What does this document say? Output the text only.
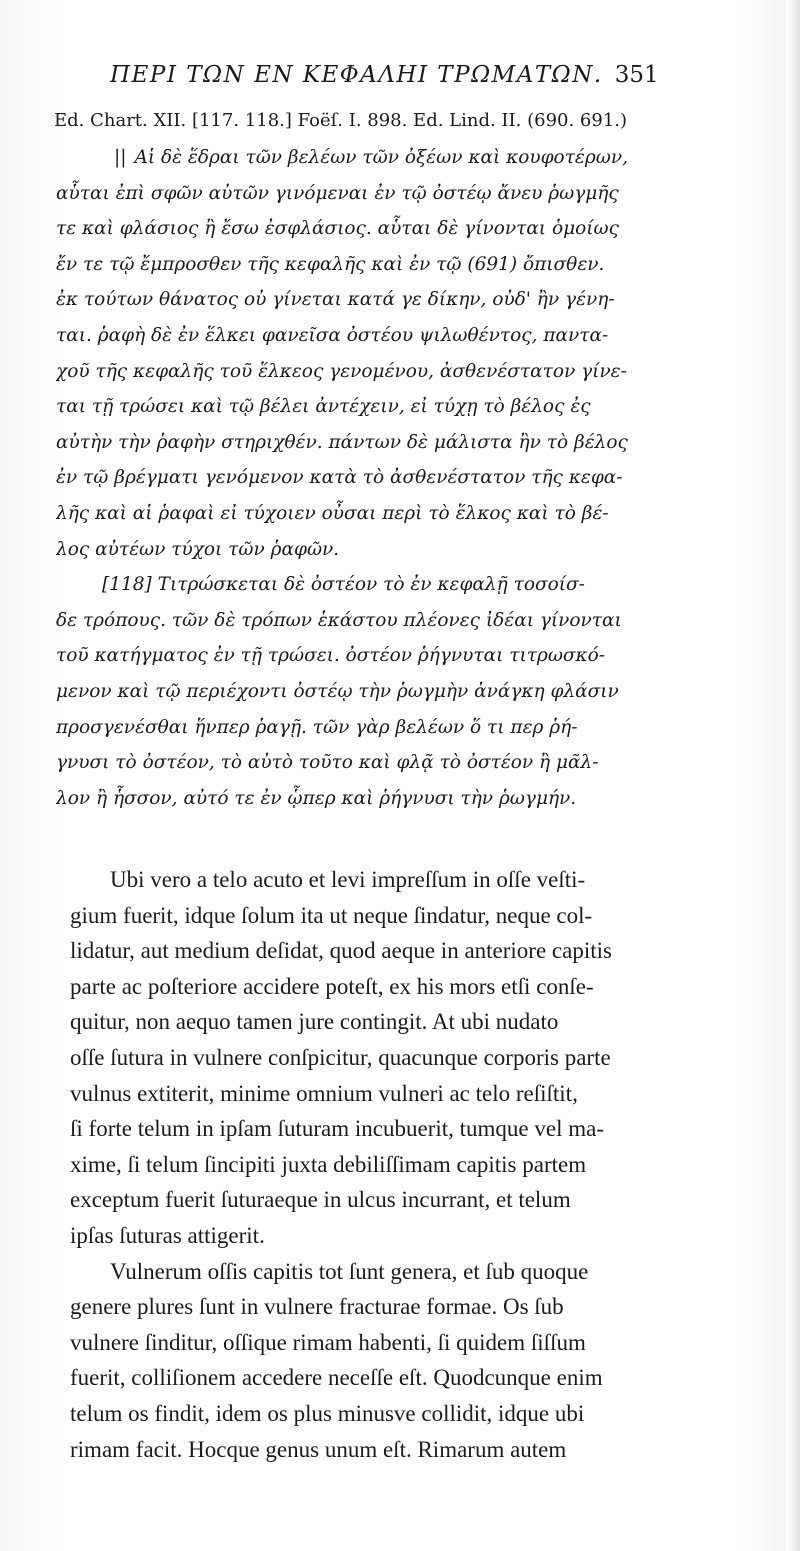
ΠΕΡΙ ΤΩΝ ΕΝ ΚΕΦΑΛΗΙ ΤΡΩΜΑΤΩΝ. 351
Ed. Chart. XII. [117. 118.] Foëſ. I. 898. Ed. Lind. II. (690. 691.)
|| Αἱ δὲ ἕδραι τῶν βελέων τῶν ὀξέων καὶ κουφοτέρων,
αὗται ἐπὶ σφῶν αὐτῶν γινόμεναι ἐν τῷ ὀστέῳ ἄνευ ῥωγμῆς
τε καὶ φλάσιος ἢ ἔσω ἐσφλάσιος. αὗται δὲ γίνονται ὁμοίως
ἔν τε τῷ ἔμπροσθεν τῆς κεφαλῆς καὶ ἐν τῷ (691) ὄπισθεν.
ἐκ τούτων θάνατος οὐ γίνεται κατά γε δίκην, οὐδ' ἢν γένη-
ται. ῥαφὴ δὲ ἐν ἕλκει φανεῖσα ὀστέου ψιλωθέντος, παντα-
χοῦ τῆς κεφαλῆς τοῦ ἕλκεος γενομένου, ἀσθενέστατον γίνε-
ται τῇ τρώσει καὶ τῷ βέλει ἀντέχειν, εἰ τύχῃ τὸ βέλος ἐς
αὐτὴν τὴν ῥαφὴν στηριχθέν. πάντων δὲ μάλιστα ἢν τὸ βέλος
ἐν τῷ βρέγματι γενόμενον κατὰ τὸ ἀσθενέστατον τῆς κεφα-
λῆς καὶ αἱ ῥαφαὶ εἰ τύχοιεν οὖσαι περὶ τὸ ἕλκος καὶ τὸ βέ-
λος αὐτέων τύχοι τῶν ῥαφῶν.
[118] Τιτρώσκεται δὲ ὀστέον τὸ ἐν κεφαλῇ τοσοίσ-
δε τρόπους. τῶν δὲ τρόπων ἑκάστου πλέονες ἰδέαι γίνονται
τοῦ κατήγματος ἐν τῇ τρώσει. ὀστέον ῥήγνυται τιτρωσκό-
μενον καὶ τῷ περιέχοντι ὀστέῳ τὴν ῥωγμὴν ἀνάγκη φλάσιν
προσγενέσθαι ἥνπερ ῥαγῇ. τῶν γὰρ βελέων ὅ τι περ ῥή-
γνυσι τὸ ὀστέον, τὸ αὐτὸ τοῦτο καὶ φλᾷ τὸ ὀστέον ἢ μᾶλ-
λον ἢ ἧσσον, αὐτό τε ἐν ᾧπερ καὶ ῥήγνυσι τὴν ῥωγμήν.
Ubi vero a telo acuto et levi impreſſum in oſſe veſti-
gium fuerit, idque ſolum ita ut neque ſindatur, neque col-
lidatur, aut medium deſidat, quod aeque in anteriore capitis
parte ac poſteriore accidere poteſt, ex his mors etſi conſe-
quitur, non aequo tamen jure contingit. At ubi nudato
oſſe ſutura in vulnere conſpicitur, quacunque corporis parte
vulnus extiterit, minime omnium vulneri ac telo reſiſtit,
ſi forte telum in ipſam ſuturam incubuerit, tumque vel ma-
xime, ſi telum ſincipiti juxta debiliſſimam capitis partem
exceptum fuerit ſuturaeque in ulcus incurrant, et telum
ipſas ſuturas attigerit.
Vulnerum oſſis capitis tot ſunt genera, et ſub quoque
genere plures ſunt in vulnere fracturae formae. Os ſub
vulnere ſinditur, oſſique rimam habenti, ſi quidem ſiſſum
fuerit, colliſionem accedere neceſſe eſt. Quodcunque enim
telum os findit, idem os plus minusve collidit, idque ubi
rimam facit. Hocque genus unum eſt. Rimarum autem
